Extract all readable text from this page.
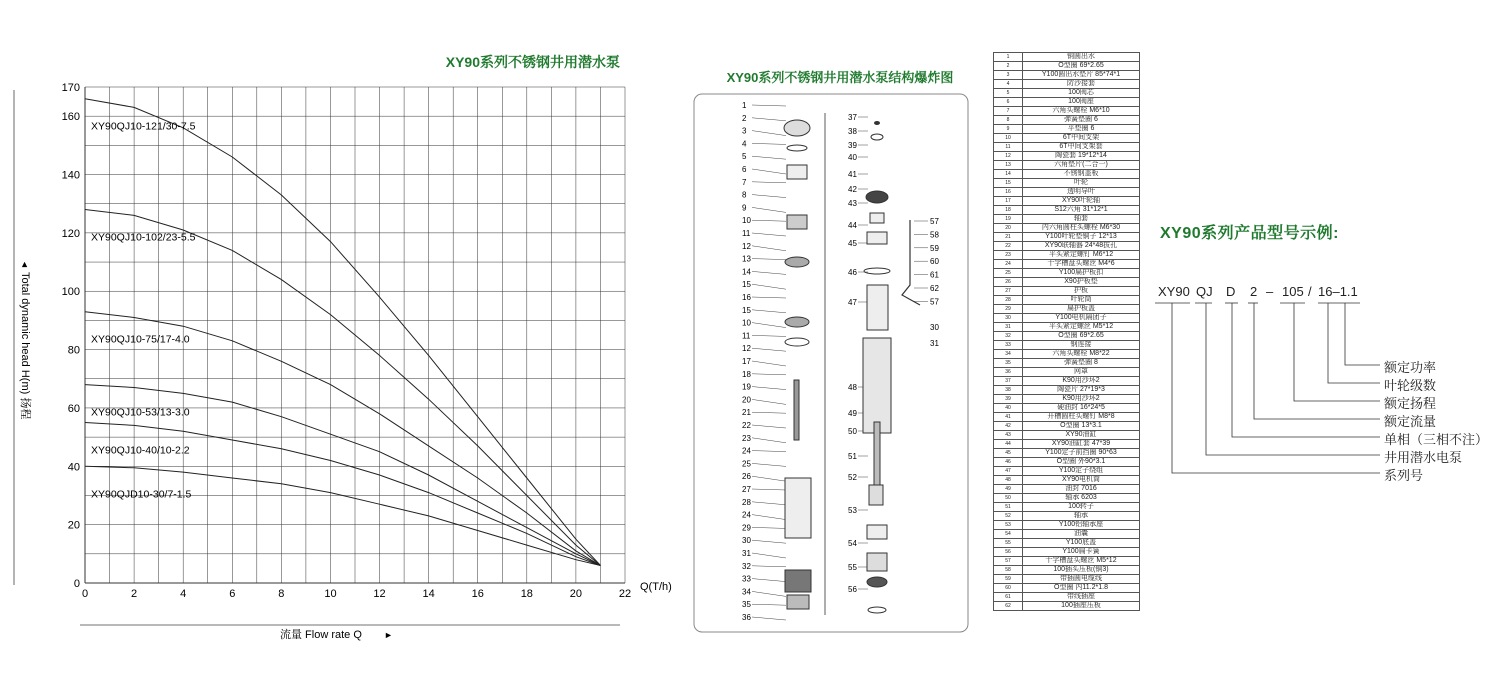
XY90系列不锈钢井用潜水泵
0	2	4	6	8	10	12	14	16	18	20	22
0
20
40
60
80
100
120
140
160
170
XY90QJ10-121/30-7.5
XY90QJ10-102/23-5.5
XY90QJ10-75/17-4.0
XY90QJ10-53/13-3.0
XY90QJ10-40/10-2.2
XY90QJD10-30/7-1.5
Q(T/h)
流量 Flow rate Q ►
◄
Total dynamic head H(m) 扬程
XY90系列不锈钢井用潜水泵结构爆炸图
1
2
3
4
5
6
7
8
9
10
11
12
13
14
15
16
15
10
11
12
17
18
19
20
21
22
23
24
25
26
27
28
24
29
30
31
32
33
34
35
36
37
38
39
40
41
42
43
44
45
46
47
30
31
48
49
50
51
52
53
54
55
56
57
58
59
60
61
62
57
1	铜圆出水
2	O型圈 69*2.65
3	Y100圆出水垫片 85*74*1
4	防沙接套
5	100阀芯
6	100阀座
7	六角头螺栓 M6*10
8	弹簧垫圈 6
9	平垫圈 6
10	6T中间支架
11	6T中间支架套
12	陶瓷套 19*12*14
13	六角垫片(二合一)
14	不锈钢盖板
15	叶轮
16	透明导叶
17	XY90叶轮轴
18	S12六角 31*12*1
19	轴套
20	内六角圆柱头螺栓 M6*30
21	Y100叶轮垫铜子 12*13
22	XY90联轴器 24*48拔孔
23	平头紧定螺钉 M6*12
24	十字槽盘头螺丝 M4*6
25	Y100扁护板扣
26	X90护板垫
27	护板
28	叶轮筒
29	扁护板盖
30	Y100电机隔团子
31	平头紧定螺丝 M5*12
32	O型圈 69*2.65
33	钢连接
34	六角头螺栓 M8*22
35	弹簧垫圈 8
36	网罩
37	K90用沙环2
38	陶瓷片 27*19*3
39	K90用沙环2
40	硬油封 16*24*5
41	开槽圆柱头螺钉 M8*8
42	O型圈 13*3.1
43	XY90油缸
44	XY90油缸套 47*39
45	Y100定子前挡圈 90*63
46	O型圈 外90*3.1
47	Y100定子绕组
48	XY90电机筒
49	油封 7016
50	轴承 6203
51	100转子
52	轴承
53	Y100铝轴承座
54	油囊
55	Y100底盖
56	Y100扁卡簧
57	十字槽盘头螺丝 M5*12
58	100插头压板(铜3)
59	带插圆电缆线
60	O型圈 内11.2*1.8
61	带线插座
62	100插座压板
XY90系列产品型号示例:
XY90 QJ D 2 – 105 / 16–1.1
额定功率
叶轮级数
额定扬程
额定流量
单相（三相不注）
井用潜水电泵
系列号
